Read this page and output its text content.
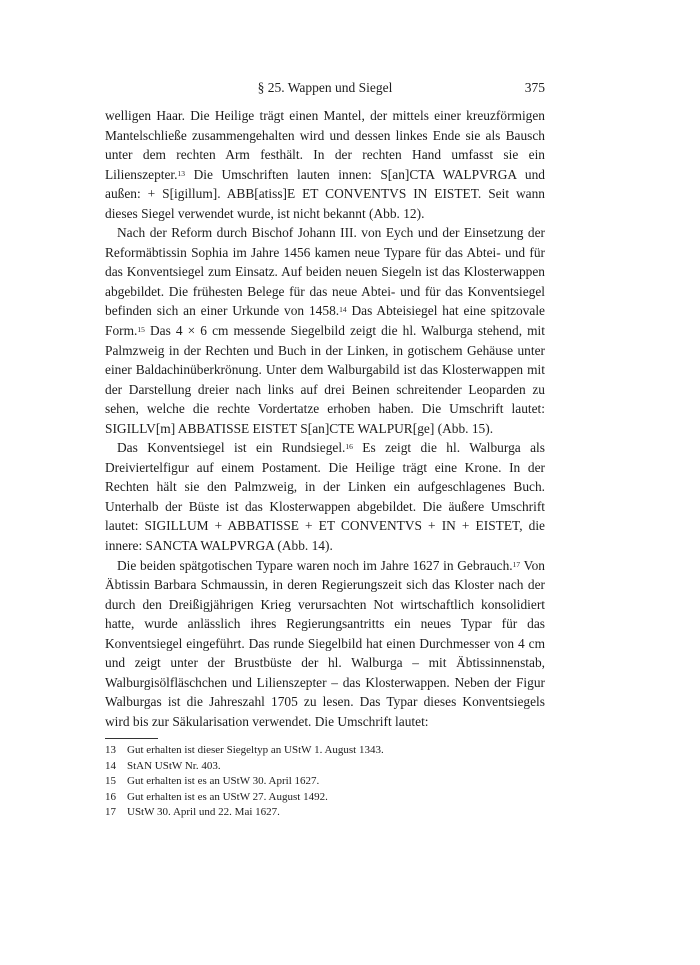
§ 25. Wappen und Siegel	375

welligen Haar. Die Heilige trägt einen Mantel, der mittels einer kreuzförmigen Mantelschließe zusammengehalten wird und dessen linkes Ende sie als Bausch unter dem rechten Arm festhält. In der rechten Hand umfasst sie ein Lilienszepter.$^{13}$ Die Umschriften lauten innen: S[an]CTA WALPVRGA und außen: + S[igillum]. ABB[atiss]E ET CONVENTVS IN EISTET. Seit wann dieses Siegel verwendet wurde, ist nicht bekannt (Abb. 12).

Nach der Reform durch Bischof Johann III. von Eych und der Einsetzung der Reformäbtissin Sophia im Jahre 1456 kamen neue Typare für das Abtei- und für das Konventsiegel zum Einsatz. Auf beiden neuen Siegeln ist das Klosterwappen abgebildet. Die frühesten Belege für das neue Abtei- und für das Konventsiegel befinden sich an einer Urkunde von 1458.14 Das Abteisiegel hat eine spitzovale Form.$^{15}$ Das 4 × 6 cm messende Siegelbild zeigt die hl. Walburga stehend, mit Palmzweig in der Rechten und Buch in der Linken, in gotischem Gehäuse unter einer Baldachinüberkrönung. Unter dem Walburgabild ist das Klosterwappen mit der Darstellung dreier nach links auf drei Beinen schreitender Leoparden zu sehen, welche die rechte Vordertatze erhoben haben. Die Umschrift lautet: SIGILLV[m] ABBATISSE EISTET S[an]CTE WALPUR[ge] (Abb. 15).

Das Konventsiegel ist ein Rundsiegel.$^{16}$ Es zeigt die hl. Walburga als Dreiviertelfigur auf einem Postament. Die Heilige trägt eine Krone. In der Rechten hält sie den Palmzweig, in der Linken ein aufgeschlagenes Buch. Unterhalb der Büste ist das Klosterwappen abgebildet. Die äußere Umschrift lautet: SIGILLUM + ABBATISSE + ET CONVENTVS + IN + EISTET, die innere: SANCTA WALPVRGA (Abb. 14).

Die beiden spätgotischen Typare waren noch im Jahre 1627 in Gebrauch.$^{17}$ Von Äbtissin Barbara Schmaussin, in deren Regierungszeit sich das Kloster nach der durch den Dreißigjährigen Krieg verursachten Not wirtschaftlich konsolidiert hatte, wurde anlässlich ihres Regierungsantritts ein neues Typar für das Konventsiegel eingeführt. Das runde Siegelbild hat einen Durchmesser von 4 cm und zeigt unter der Brustbüste der hl. Walburga – mit Äbtissinnenstab, Walburgisölfläschchen und Lilienszepter – das Klosterwappen. Neben der Figur Walburgas ist die Jahreszahl 1705 zu lesen. Das Typar dieses Konventsiegels wird bis zur Säkularisation verwendet. Die Umschrift lautet:

13	Gut erhalten ist dieser Siegeltyp an UStW 1. August 1343.
14	StAN UStW Nr. 403.
15	Gut erhalten ist es an UStW 30. April 1627.
16	Gut erhalten ist es an UStW 27. August 1492.
17	UStW 30. April und 22. Mai 1627.
